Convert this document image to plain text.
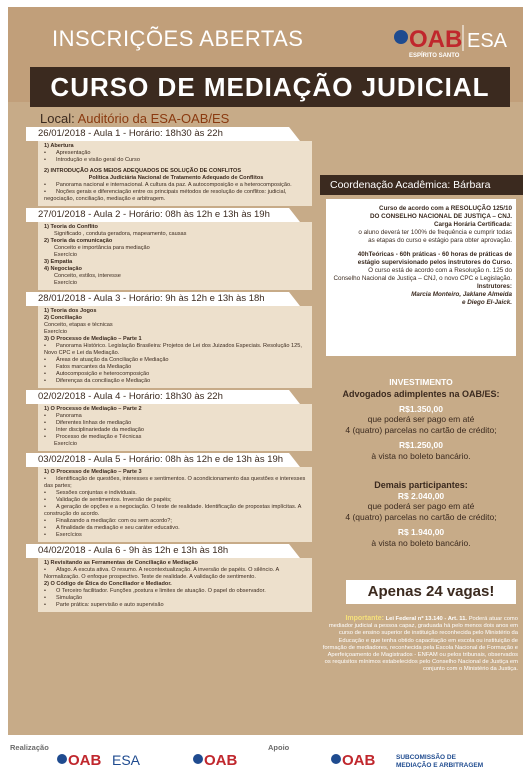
INSCRIÇÕES ABERTAS	OAB ESA
ESPÍRITO SANTO
CURSO DE MEDIAÇÃO JUDICIAL
Local: Auditório da ESA-OAB/ES
26/01/2018 - Aula 1 - Horário: 18h30 às 22h
1) Abertura
• Apresentação
• Introdução e visão geral do Curso
2) INTRODUÇÃO AOS MEIOS ADEQUADOS DE SOLUÇÃO DE CONFLITOS
Política Judiciária Nacional de Tratamento Adequado de Conflitos
• Panorama nacional e internacional. A cultura da paz. A autocomposição e a heterocomposição.
• Noções gerais e diferenciação entre os principais métodos de resolução de conflitos: judicial, negociação, conciliação, mediação e arbitragem.
27/01/2018 - Aula 2 - Horário: 08h às 12h e 13h às 19h
1) Teoria do Conflito
Significado , conduta geradora, mapeamento, causas
2) Teoria da comunicação
Conceito e importância para mediação
Exercício
3) Empatia
4) Negociação
Conceito, estilos, interesse
Exercício
28/01/2018 - Aula 3 - Horário: 9h às 12h e 13h às 18h
1) Teoria dos Jogos
2) Conciliação
Conceito, etapas e técnicas
Exercício
3) O Processo de Mediação – Parte 1
• Panorama Histórico. Legislação Brasileira: Projetos de Lei dos Juizados Especiais. Resolução 125, Novo CPC e Lei da Mediação.
• Áreas de atuação da Conciliação e Mediação
• Fatos marcantes da Mediação
• Autocomposição e heterocomposição
• Diferenças da conciliação e Mediação
02/02/2018 - Aula 4 - Horário: 18h30 às 22h
1) O Processo de Mediação – Parte 2
• Panorama
• Diferentes linhas de mediação
• Inter disciplinariedade da mediação
• Processo de mediação e Técnicas
Exercício
03/02/2018 - Aula 5 - Horário: 08h às 12h e de 13h às 19h
1) O Processo de Mediação – Parte 3
• Identificação de questões, interesses e sentimentos. O acondicionamento das questões e interesses das partes;
• Sessões conjuntas e individuais.
• Validação de sentimentos. Inversão de papéis;
• A geração de opções e a negociação. O teste de realidade. Identificação de propostas implícitas. A construção do acordo.
• Finalizando a mediação: com ou sem acordo?;
• A finalidade da mediação e seu caráter educativo.
• Exercícios
04/02/2018 - Aula 6 - 9h às 12h e 13h às 18h
1) Revisitando as Ferramentas de Conciliação e Mediação
• Afago. A escuta ativa. O resumo. A recontextualização. A inversão de papéis. O silêncio. A Normalização. O enfoque prospectivo. Teste de realidade. A validação de sentimento.
2) O Código de Ética do Conciliador e Mediador.
• O Terceiro facilitador. Funções ,postura e limites de atuação. O papel do observador.
• Simulação
• Parte prática: supervisão e auto supervisão
Coordenação Acadêmica: Bárbara
Curso de acordo com a RESOLUÇÃO 125/10
DO CONSELHO NACIONAL DE JUSTIÇA – CNJ.
Carga Horária Certificada:
o aluno deverá ter 100% de frequência e cumprir todas
as etapas do curso e estágio para obter aprovação.
40hTeóricas - 60h práticas - 60 horas de práticas de
estágio supervisionado pelos instrutores do Curso.
O curso está de acordo com a Resolução n. 125 do
Conselho Nacional de Justiça – CNJ, o novo CPC e Legislação.
Instrutores:
Marcia Monteiro, Jaklane Almeida
e Diego El-Jaick.
INVESTIMENTO
Advogados adimplentes na OAB/ES:
R$1.350,00
que poderá ser pago em até
4 (quatro) parcelas no cartão de crédito;
R$1.250,00
à vista no boleto bancário.
Demais participantes:
R$ 2.040,00
que poderá ser pago em até
4 (quatro) parcelas no cartão de crédito;
R$ 1.940,00
à vista no boleto bancário.
Apenas 24 vagas!
Importante: Lei Federal nº 13.140 - Art. 11. Poderá atuar como mediador judicial a pessoa capaz, graduada há pelo menos dois anos em curso de ensino superior de instituição reconhecida pelo Ministério da Educação e que tenha obtido capacitação em escola ou instituição de formação de mediadores, reconhecida pela Escola Nacional de Formação e Aperfeiçoamento de Magistrados - ENFAM ou pelos tribunais, observados os requisitos mínimos estabelecidos pelo Conselho Nacional de Justiça em conjunto com o Ministério da Justiça.
Realização	Apoio
OAB ESA	OAB	OAB	SUBCOMISSÃO DE
MEDIAÇÃO E ARBITRAGEM
